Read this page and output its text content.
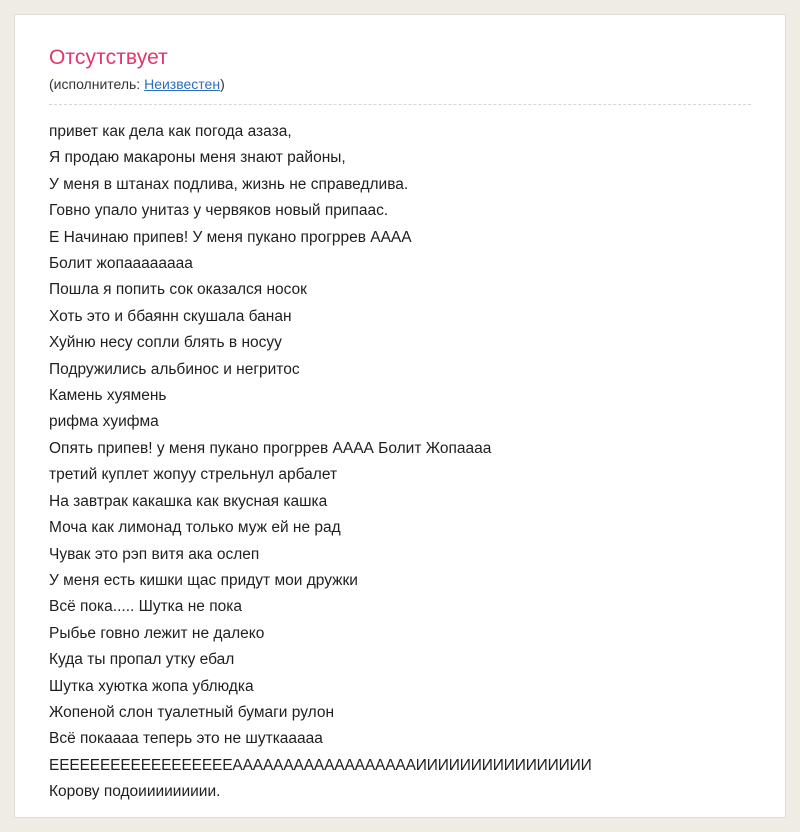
Отсутствует

(исполнитель: Неизвестен)

привет как дела как погода азаза,
Я продаю макароны меня знают районы,
У меня в штанах подлива, жизнь не справедлива.
Говно упало унитаз у червяков новый припаас.
Е Начинаю припев! У меня пукано прогррев АААА
Болит жопаааааааа
Пошла я попить сок оказался носок
Хоть это и ббаянн скушала банан
Хуйню несу сопли блять в носуу
Подружились альбинос и негритос
Камень хуямень
рифма хуифма
Опять припев! у меня пукано прогррев АААА Болит Жопаааа
третий куплет жопуу стрельнул арбалет
На завтрак какашка как вкусная кашка
Моча как лимонад только муж ей не рад
Чувак это рэп витя ака ослеп
У меня есть кишки щас придут мои дружки
Всё пока..... Шутка не пока
Рыбье говно лежит не далеко
Куда ты пропал утку ебал
Шутка хуютка жопа ублюдка
Жопеной слон туалетный бумаги рулон
Всё покаааа теперь это не шуткаааaa
ЕЕЕЕЕЕЕЕЕЕЕЕЕЕЕЕЕЕААААААААААААААААААИИИИИИИИИИИИИИИИ
Корову подоиииииииии.
